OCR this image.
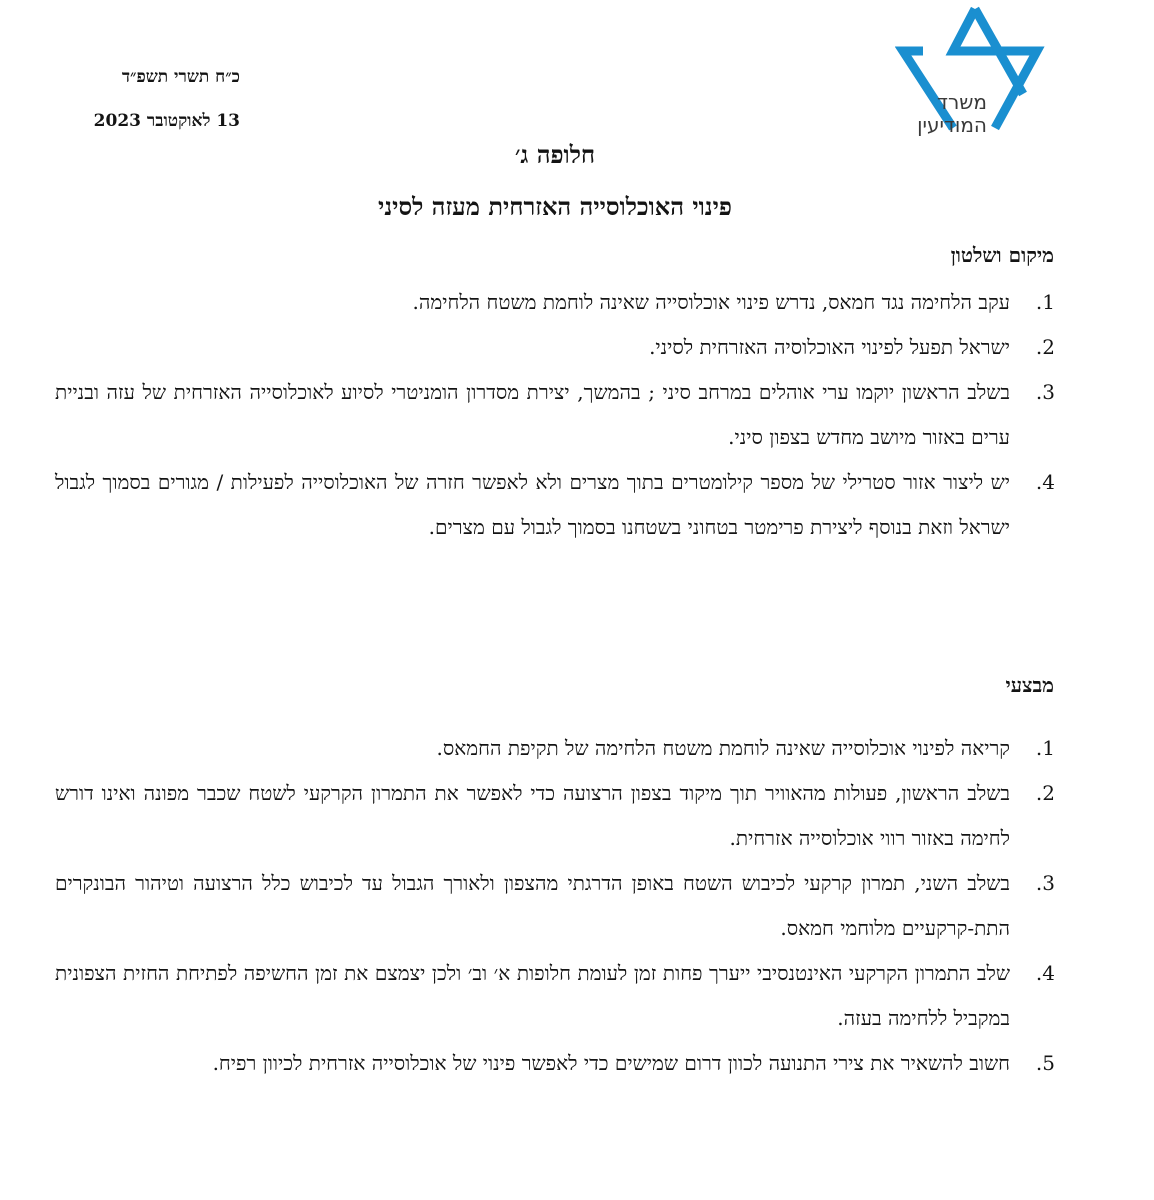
כ״ח תשרי תשפ״ד
13 לאוקטובר 2023
משרד
המודיעין
חלופה ג׳
פינוי האוכלוסייה האזרחית מעזה לסיני
מיקום ושלטון
.1
עקב הלחימה נגד חמאס, נדרש פינוי אוכלוסייה שאינה לוחמת משטח הלחימה.
.2
ישראל תפעל לפינוי האוכלוסיה האזרחית לסיני.
.3
בשלב הראשון יוקמו ערי אוהלים במרחב סיני ; בהמשך, יצירת מסדרון הומניטרי לסיוע לאוכלוסייה האזרחית של עזה ובניית ערים באזור מיושב מחדש בצפון סיני.
.4
יש ליצור אזור סטרילי של מספר קילומטרים בתוך מצרים ולא לאפשר חזרה של האוכלוסייה לפעילות / מגורים בסמוך לגבול ישראל וזאת בנוסף ליצירת פרימטר בטחוני בשטחנו בסמוך לגבול עם מצרים.
מבצעי
.1
קריאה לפינוי אוכלוסייה שאינה לוחמת משטח הלחימה של תקיפת החמאס.
.2
בשלב הראשון, פעולות מהאוויר תוך מיקוד בצפון הרצועה כדי לאפשר את התמרון הקרקעי לשטח שכבר מפונה ואינו דורש לחימה באזור רווי אוכלוסייה אזרחית.
.3
בשלב השני, תמרון קרקעי לכיבוש השטח באופן הדרגתי מהצפון ולאורך הגבול עד לכיבוש כלל הרצועה וטיהור הבונקרים התת-קרקעיים מלוחמי חמאס.
.4
שלב התמרון הקרקעי האינטנסיבי ייערך פחות זמן לעומת חלופות א׳ וב׳ ולכן יצמצם את זמן החשיפה לפתיחת החזית הצפונית במקביל ללחימה בעזה.
.5
חשוב להשאיר את צירי התנועה לכוון דרום שמישים כדי לאפשר פינוי של אוכלוסייה אזרחית לכיוון רפיח.
